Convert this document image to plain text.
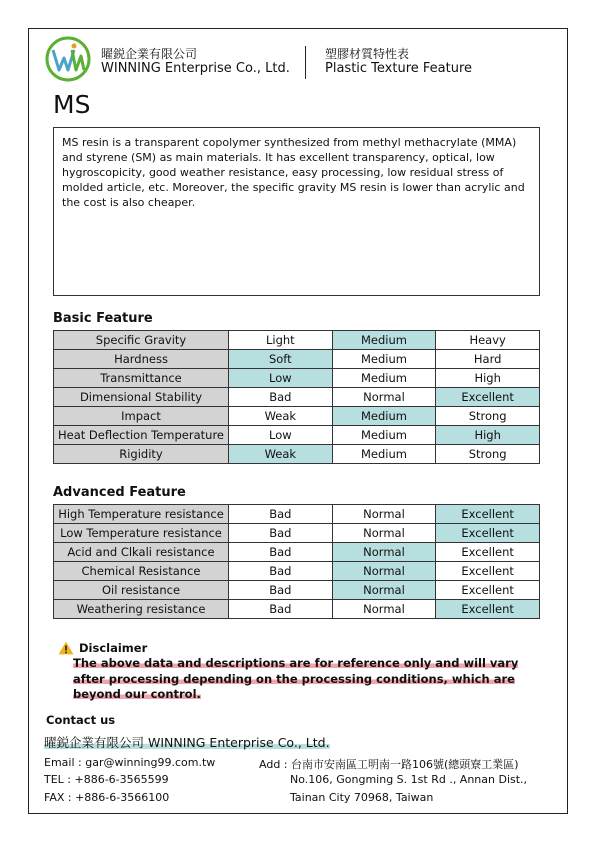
曜鋭企業有限公司
WINNING Enterprise Co., Ltd.
塑膠材質特性表
Plastic Texture Feature
MS
MS resin is a transparent copolymer synthesized from methyl methacrylate (MMA) and styrene (SM) as main materials. It has excellent transparency, optical, low hygroscopicity, good weather resistance, easy processing, low residual stress of molded article, etc. Moreover, the specific gravity MS resin is lower than acrylic and the cost is also cheaper.
Basic Feature
Specific Gravity	Light	Medium	Heavy
Hardness	Soft	Medium	Hard
Transmittance	Low	Medium	High
Dimensional Stability	Bad	Normal	Excellent
Impact	Weak	Medium	Strong
Heat Deflection Temperature	Low	Medium	High
Rigidity	Weak	Medium	Strong
Advanced Feature
High Temperature resistance	Bad	Normal	Excellent
Low Temperature resistance	Bad	Normal	Excellent
Acid and Clkali resistance	Bad	Normal	Excellent
Chemical Resistance	Bad	Normal	Excellent
Oil resistance	Bad	Normal	Excellent
Weathering resistance	Bad	Normal	Excellent
Disclaimer
The above data and descriptions are for reference only and will vary after processing depending on the processing conditions, which are beyond our control.
Contact us
曜鋭企業有限公司 WINNING Enterprise Co., Ltd.
Email : gar@winning99.com.tw
TEL : +886-6-3565599
FAX : +886-6-3566100
Add : 台南市安南區工明南一路106號(總頭寮工業區)
No.106, Gongming S. 1st Rd ., Annan Dist.,
Tainan City 70968, Taiwan
